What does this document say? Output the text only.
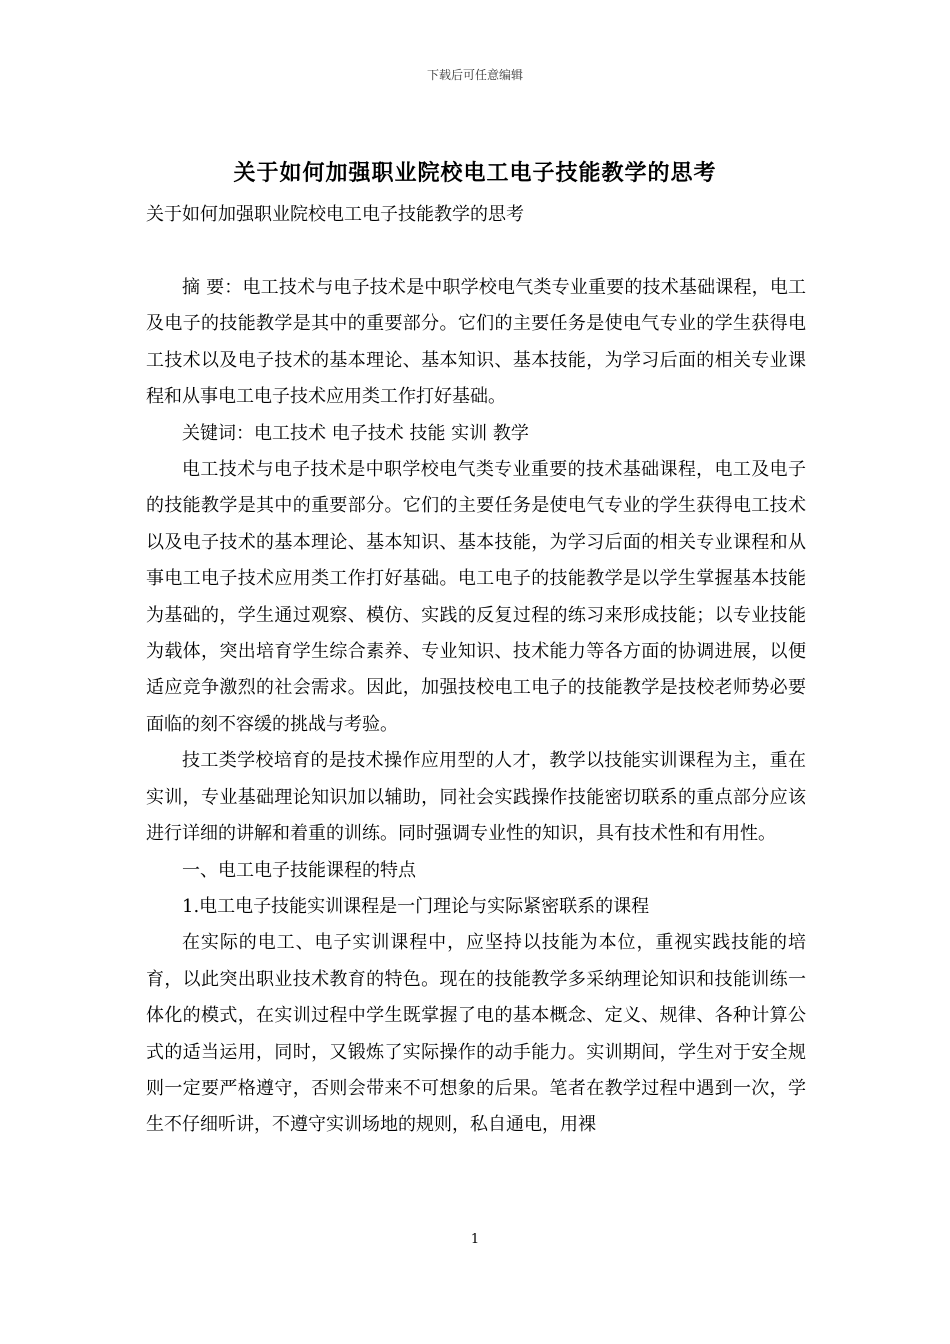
下载后可任意编辑
关于如何加强职业院校电工电子技能教学的思考
关于如何加强职业院校电工电子技能教学的思考

摘 要：电工技术与电子技术是中职学校电气类专业重要的技术基础课程，电工及电子的技能教学是其中的重要部分。它们的主要任务是使电气专业的学生获得电工技术以及电子技术的基本理论、基本知识、基本技能，为学习后面的相关专业课程和从事电工电子技术应用类工作打好基础。

关键词：电工技术 电子技术 技能 实训 教学

电工技术与电子技术是中职学校电气类专业重要的技术基础课程，电工及电子的技能教学是其中的重要部分。它们的主要任务是使电气专业的学生获得电工技术以及电子技术的基本理论、基本知识、基本技能，为学习后面的相关专业课程和从事电工电子技术应用类工作打好基础。电工电子的技能教学是以学生掌握基本技能为基础的，学生通过观察、模仿、实践的反复过程的练习来形成技能；以专业技能为载体，突出培育学生综合素养、专业知识、技术能力等各方面的协调进展，以便适应竞争激烈的社会需求。因此，加强技校电工电子的技能教学是技校老师势必要面临的刻不容缓的挑战与考验。

技工类学校培育的是技术操作应用型的人才，教学以技能实训课程为主，重在实训，专业基础理论知识加以辅助，同社会实践操作技能密切联系的重点部分应该进行详细的讲解和着重的训练。同时强调专业性的知识，具有技术性和有用性。

一、电工电子技能课程的特点

1.电工电子技能实训课程是一门理论与实际紧密联系的课程

在实际的电工、电子实训课程中，应坚持以技能为本位，重视实践技能的培育，以此突出职业技术教育的特色。现在的技能教学多采纳理论知识和技能训练一体化的模式，在实训过程中学生既掌握了电的基本概念、定义、规律、各种计算公式的适当运用，同时，又锻炼了实际操作的动手能力。实训期间，学生对于安全规则一定要严格遵守，否则会带来不可想象的后果。笔者在教学过程中遇到一次，学生不仔细听讲，不遵守实训场地的规则，私自通电，用裸

1
